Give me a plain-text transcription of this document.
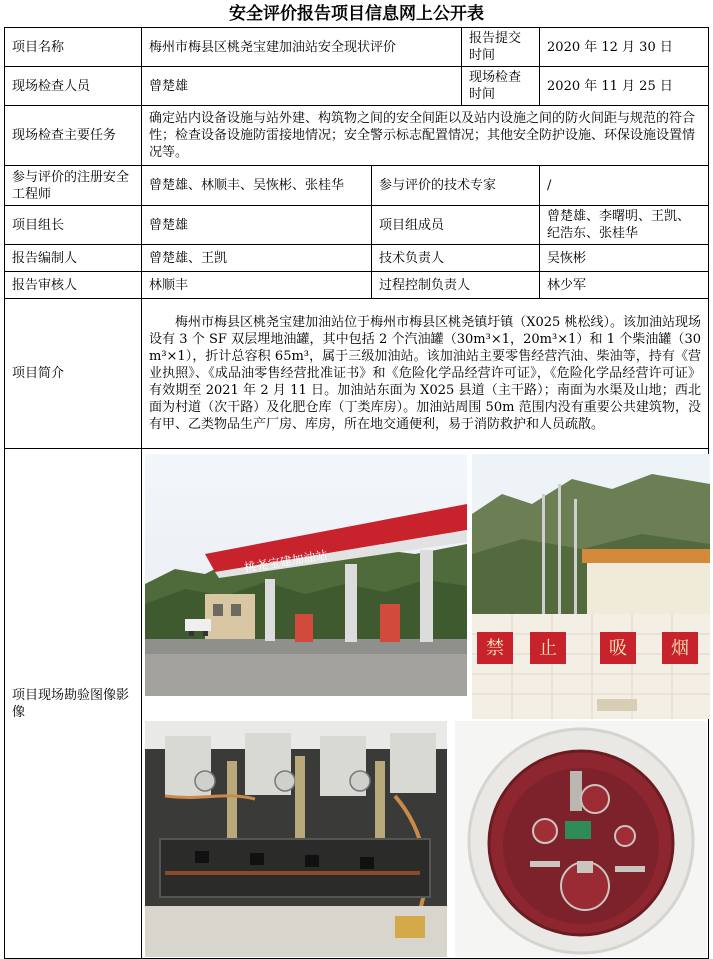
安全评价报告项目信息网上公开表
项目名称	梅州市梅县区桃尧宝建加油站安全现状评价		报告提交时间	2020 年 12 月 30 日
现场检查人员	曾楚雄		现场检查时间	2020 年 11 月 25 日
现场检查主要任务	确定站内设备设施与站外建、构筑物之间的安全间距以及站内设施之间的防火间距与规范的符合性；检查设备设施防雷接地情况；安全警示标志配置情况；其他安全防护设施、环保设施设置情况等。			
参与评价的注册安全工程师	曾楚雄、林顺丰、吴恢彬、张桂华	参与评价的技术专家		/
项目组长	曾楚雄	项目组成员		曾楚雄、李曙明、王凯、纪浩东、张桂华
报告编制人	曾楚雄、王凯	技术负责人		吴恢彬
报告审核人	林顺丰	过程控制负责人		林少军
项目简介	梅州市梅县区桃尧宝建加油站位于梅州市梅县区桃尧镇圩镇（X025 桃松线）。该加油站现场设有 3 个 SF 双层埋地油罐，其中包括 2 个汽油罐（30m³×1，20m³×1）和 1 个柴油罐（30m³×1），折计总容积 65m³，属于三级加油站。该加油站主要零售经营汽油、柴油等，持有《营业执照》、《成品油零售经营批准证书》和《危险化学品经营许可证》，《危险化学品经营许可证》有效期至 2021 年 2 月 11 日。加油站东面为 X025 县道（主干路）；南面为水渠及山地；西北面为村道（次干路）及化肥仓库（丁类库房）。加油站周围 50m 范围内没有重要公共建筑物，没有甲、乙类物品生产厂房、库房，所在地交通便利，易于消防救护和人员疏散。			
项目现场勘验图像影像	桃尧宝建加油站
禁 止 吸 烟			
